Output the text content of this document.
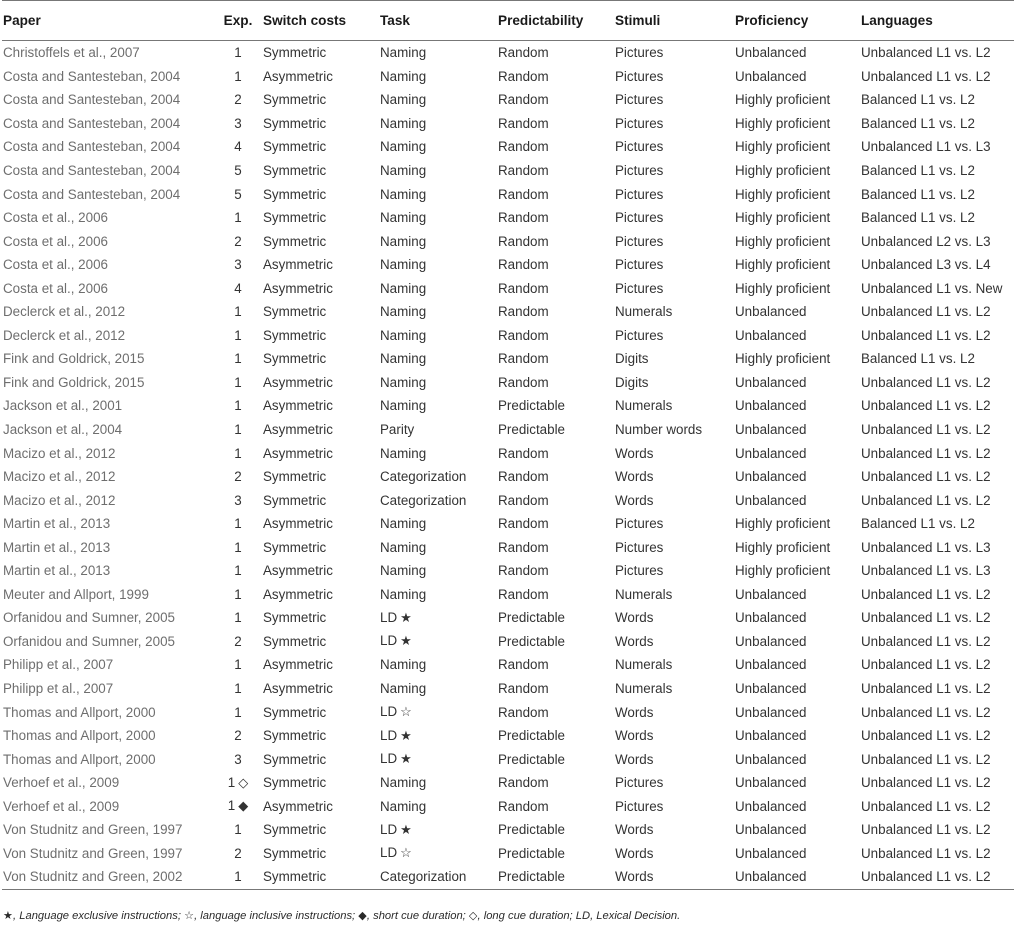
Paper	Exp.	Switch costs	Task	Predictability	Stimuli	Proficiency	Languages
Christoffels et al., 2007	1	Symmetric	Naming	Random	Pictures	Unbalanced	Unbalanced L1 vs. L2
Costa and Santesteban, 2004	1	Asymmetric	Naming	Random	Pictures	Unbalanced	Unbalanced L1 vs. L2
Costa and Santesteban, 2004	2	Symmetric	Naming	Random	Pictures	Highly proficient	Balanced L1 vs. L2
Costa and Santesteban, 2004	3	Symmetric	Naming	Random	Pictures	Highly proficient	Balanced L1 vs. L2
Costa and Santesteban, 2004	4	Symmetric	Naming	Random	Pictures	Highly proficient	Unbalanced L1 vs. L3
Costa and Santesteban, 2004	5	Symmetric	Naming	Random	Pictures	Highly proficient	Balanced L1 vs. L2
Costa and Santesteban, 2004	5	Symmetric	Naming	Random	Pictures	Highly proficient	Balanced L1 vs. L2
Costa et al., 2006	1	Symmetric	Naming	Random	Pictures	Highly proficient	Balanced L1 vs. L2
Costa et al., 2006	2	Symmetric	Naming	Random	Pictures	Highly proficient	Unbalanced L2 vs. L3
Costa et al., 2006	3	Asymmetric	Naming	Random	Pictures	Highly proficient	Unbalanced L3 vs. L4
Costa et al., 2006	4	Asymmetric	Naming	Random	Pictures	Highly proficient	Unbalanced L1 vs. New
Declerck et al., 2012	1	Symmetric	Naming	Random	Numerals	Unbalanced	Unbalanced L1 vs. L2
Declerck et al., 2012	1	Symmetric	Naming	Random	Pictures	Unbalanced	Unbalanced L1 vs. L2
Fink and Goldrick, 2015	1	Symmetric	Naming	Random	Digits	Highly proficient	Balanced L1 vs. L2
Fink and Goldrick, 2015	1	Asymmetric	Naming	Random	Digits	Unbalanced	Unbalanced L1 vs. L2
Jackson et al., 2001	1	Asymmetric	Naming	Predictable	Numerals	Unbalanced	Unbalanced L1 vs. L2
Jackson et al., 2004	1	Asymmetric	Parity	Predictable	Number words	Unbalanced	Unbalanced L1 vs. L2
Macizo et al., 2012	1	Asymmetric	Naming	Random	Words	Unbalanced	Unbalanced L1 vs. L2
Macizo et al., 2012	2	Symmetric	Categorization	Random	Words	Unbalanced	Unbalanced L1 vs. L2
Macizo et al., 2012	3	Symmetric	Categorization	Random	Words	Unbalanced	Unbalanced L1 vs. L2
Martin et al., 2013	1	Asymmetric	Naming	Random	Pictures	Highly proficient	Balanced L1 vs. L2
Martin et al., 2013	1	Symmetric	Naming	Random	Pictures	Highly proficient	Unbalanced L1 vs. L3
Martin et al., 2013	1	Asymmetric	Naming	Random	Pictures	Highly proficient	Unbalanced L1 vs. L3
Meuter and Allport, 1999	1	Asymmetric	Naming	Random	Numerals	Unbalanced	Unbalanced L1 vs. L2
Orfanidou and Sumner, 2005	1	Symmetric	LD ★	Predictable	Words	Unbalanced	Unbalanced L1 vs. L2
Orfanidou and Sumner, 2005	2	Symmetric	LD ★	Predictable	Words	Unbalanced	Unbalanced L1 vs. L2
Philipp et al., 2007	1	Asymmetric	Naming	Random	Numerals	Unbalanced	Unbalanced L1 vs. L2
Philipp et al., 2007	1	Asymmetric	Naming	Random	Numerals	Unbalanced	Unbalanced L1 vs. L2
Thomas and Allport, 2000	1	Symmetric	LD ☆	Random	Words	Unbalanced	Unbalanced L1 vs. L2
Thomas and Allport, 2000	2	Symmetric	LD ★	Predictable	Words	Unbalanced	Unbalanced L1 vs. L2
Thomas and Allport, 2000	3	Symmetric	LD ★	Predictable	Words	Unbalanced	Unbalanced L1 vs. L2
Verhoef et al., 2009	1 ◇	Symmetric	Naming	Random	Pictures	Unbalanced	Unbalanced L1 vs. L2
Verhoef et al., 2009	1 ◆	Asymmetric	Naming	Random	Pictures	Unbalanced	Unbalanced L1 vs. L2
Von Studnitz and Green, 1997	1	Symmetric	LD ★	Predictable	Words	Unbalanced	Unbalanced L1 vs. L2
Von Studnitz and Green, 1997	2	Symmetric	LD ☆	Predictable	Words	Unbalanced	Unbalanced L1 vs. L2
Von Studnitz and Green, 2002	1	Symmetric	Categorization	Predictable	Words	Unbalanced	Unbalanced L1 vs. L2
★, Language exclusive instructions; ☆, language inclusive instructions; ◆, short cue duration; ◇, long cue duration; LD, Lexical Decision.
